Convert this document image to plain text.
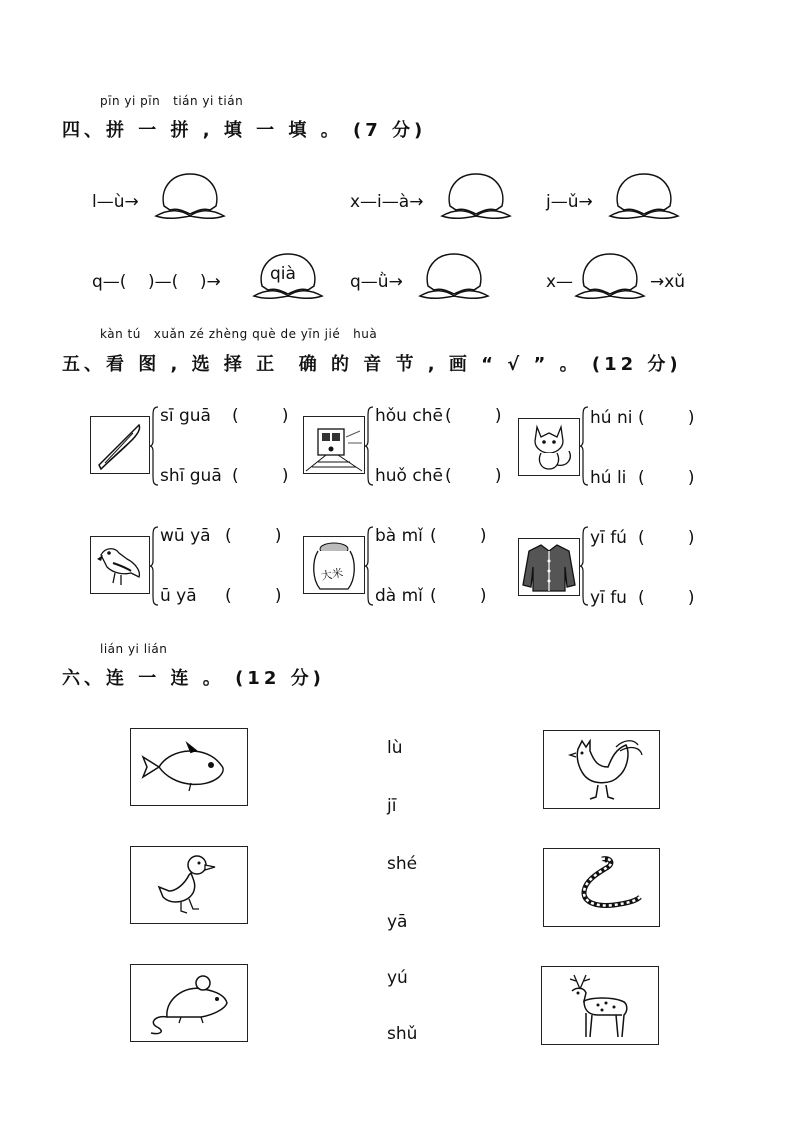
pīn yi pīn   tián yi tián
四、拼 一 拼 , 填 一 填 。 (7 分)
l—ù→	x—i—à→	j—ǔ→
q—(    )—(    )→	qià	q—ǜ→	x—	→xǔ
kàn tú   xuǎn zé zhèng què de yīn jié   huà
五、看 图 , 选 择 正  确 的 音 节 , 画 “ √ ” 。 (12 分)
sī guā (        )
shī guā (        )
hǒu chē (        )
huǒ chē (        )
hú ni (        )
hú li (        )
wū yā (        )
ū yā (        )
大米
bà mǐ (        )
dà mǐ (        )
yī fú (        )
yī fu (        )
lián yi lián
六、连 一 连 。 (12 分)
lù
jī
shé
yā
yú
shǔ
